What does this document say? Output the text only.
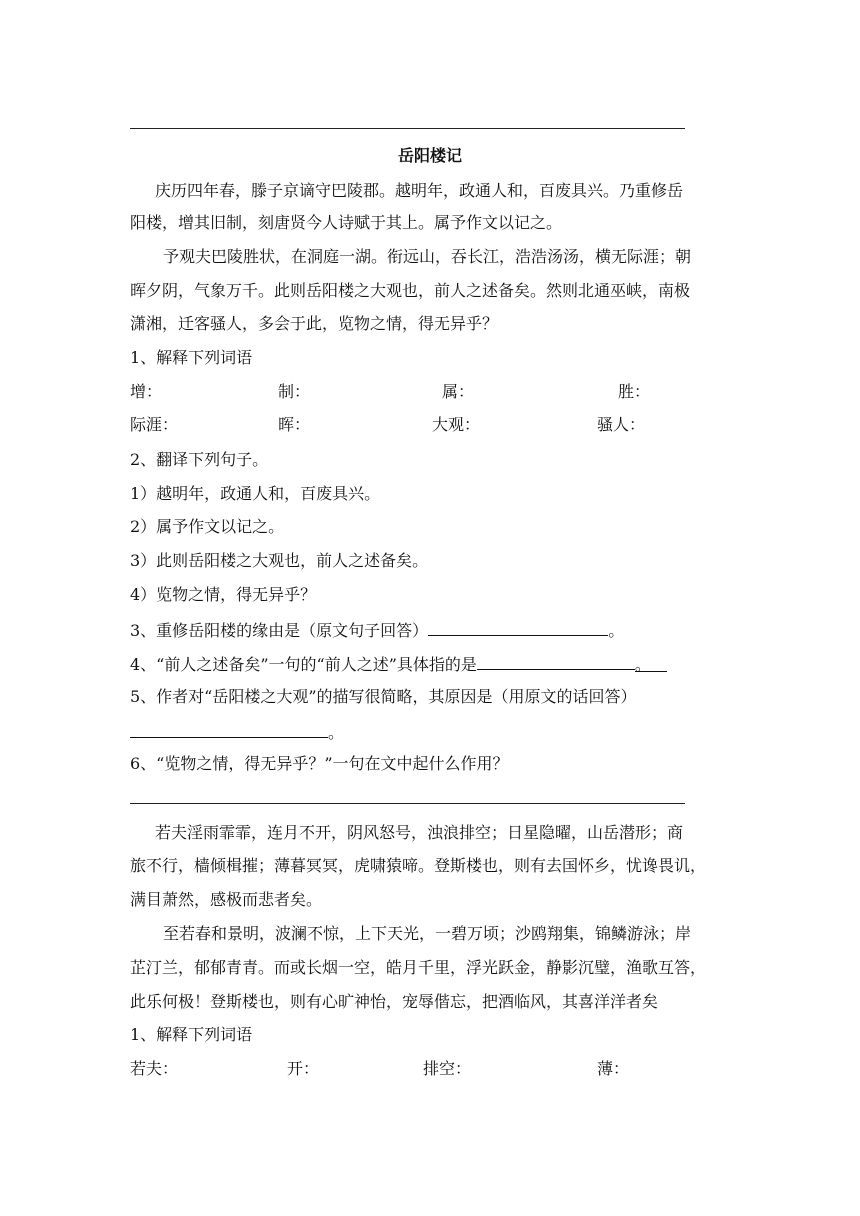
岳阳楼记
庆历四年春，滕子京谪守巴陵郡。越明年，政通人和，百废具兴。乃重修岳
阳楼，增其旧制，刻唐贤今人诗赋于其上。属予作文以记之。
予观夫巴陵胜状，在洞庭一湖。衔远山，吞长江，浩浩汤汤，横无际涯；朝
晖夕阴，气象万千。此则岳阳楼之大观也，前人之述备矣。然则北通巫峡，南极
潇湘，迁客骚人，多会于此，览物之情，得无异乎？
1、解释下列词语
增：	制：	属：	胜：
际涯：	晖：	大观：	骚人：
2、翻译下列句子。
1）越明年，政通人和，百废具兴。
2）属予作文以记之。
3）此则岳阳楼之大观也，前人之述备矣。
4）览物之情，得无异乎？
3、重修岳阳楼的缘由是（原文句子回答）	。
4、“前人之述备矣”一句的“前人之述”具体指的是	。
5、作者对“岳阳楼之大观”的描写很简略，其原因是（用原文的话回答）
。
6、“览物之情，得无异乎？”一句在文中起什么作用？
若夫淫雨霏霏，连月不开，阴风怒号，浊浪排空；日星隐曜，山岳潜形；商
旅不行，樯倾楫摧；薄暮冥冥，虎啸猿啼。登斯楼也，则有去国怀乡，忧谗畏讥，
满目萧然，感极而悲者矣。
至若春和景明，波澜不惊，上下天光，一碧万顷；沙鸥翔集，锦鳞游泳；岸
芷汀兰，郁郁青青。而或长烟一空，皓月千里，浮光跃金，静影沉璧，渔歌互答，
此乐何极！登斯楼也，则有心旷神怡，宠辱偕忘，把酒临风，其喜洋洋者矣
1、解释下列词语
若夫：	开：	排空：	薄：
